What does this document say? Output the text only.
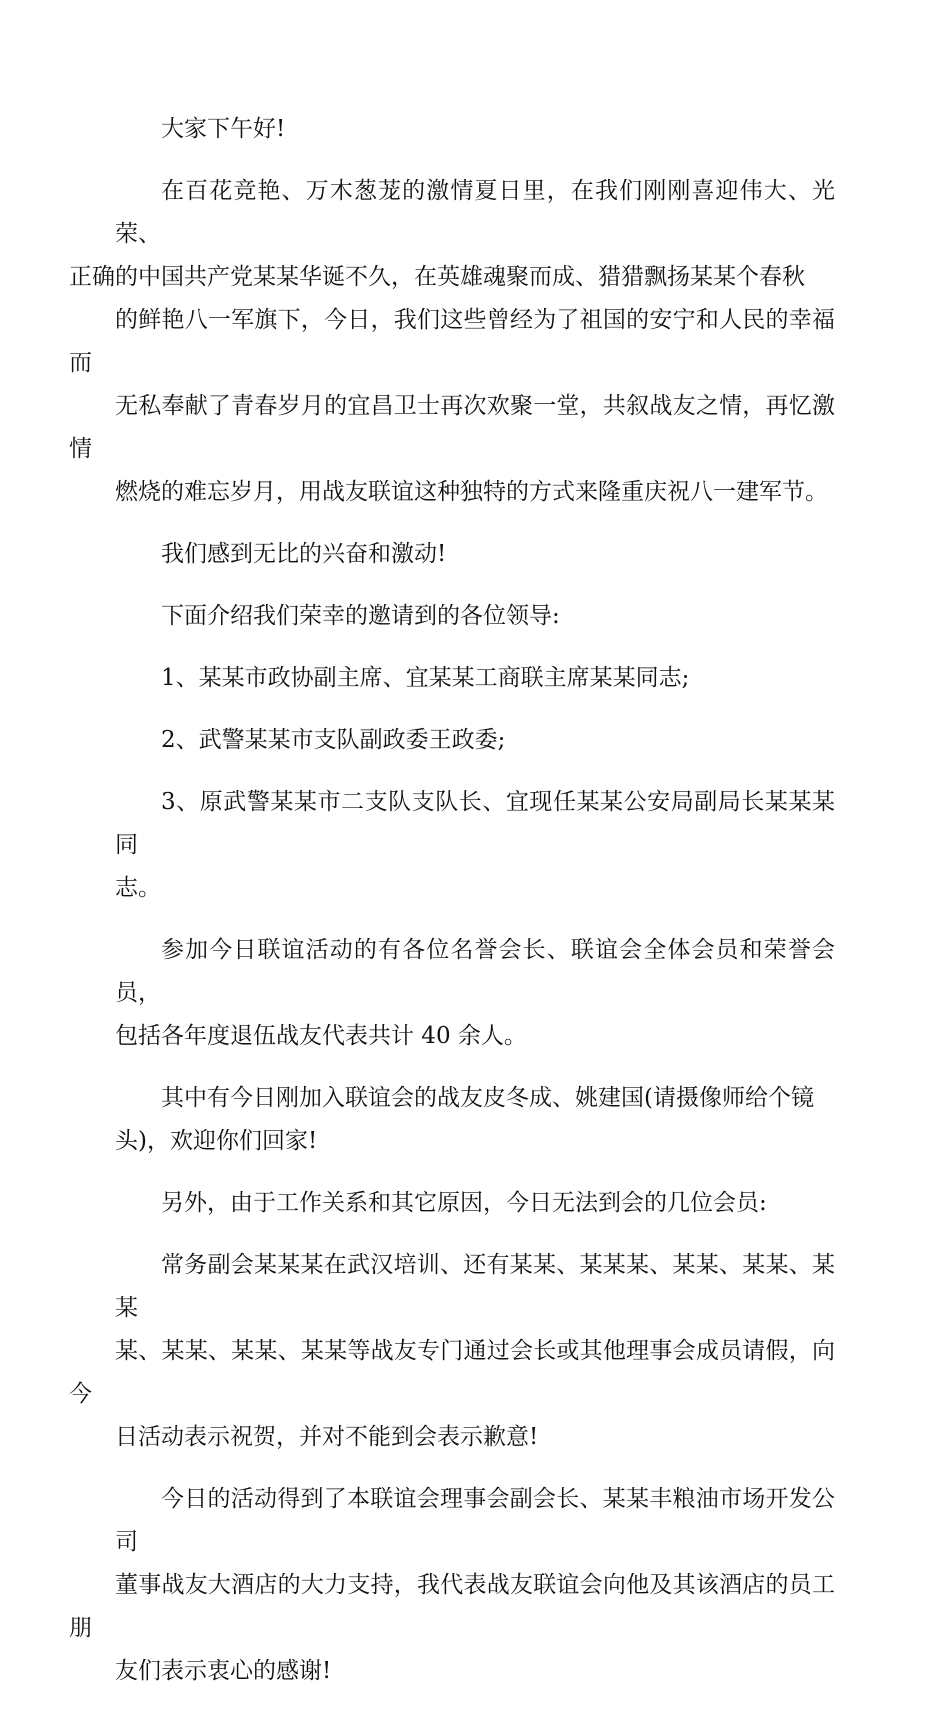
大家下午好!
在百花竞艳、万木葱茏的激情夏日里，在我们刚刚喜迎伟大、光荣、
正确的中国共产党某某华诞不久，在英雄魂聚而成、猎猎飘扬某某个春秋
的鲜艳八一军旗下，今日，我们这些曾经为了祖国的安宁和人民的幸福而
无私奉献了青春岁月的宜昌卫士再次欢聚一堂，共叙战友之情，再忆激情
燃烧的难忘岁月，用战友联谊这种独特的方式来隆重庆祝八一建军节。
我们感到无比的兴奋和激动!
下面介绍我们荣幸的邀请到的各位领导:
1、某某市政协副主席、宜某某工商联主席某某同志;
2、武警某某市支队副政委王政委;
3、原武警某某市二支队支队长、宜现任某某公安局副局长某某某同
志。
参加今日联谊活动的有各位名誉会长、联谊会全体会员和荣誉会员，
包括各年度退伍战友代表共计 40 余人。
其中有今日刚加入联谊会的战友皮冬成、姚建国(请摄像师给个镜
头)，欢迎你们回家!
另外，由于工作关系和其它原因，今日无法到会的几位会员:
常务副会某某某在武汉培训、还有某某、某某某、某某、某某、某某
某、某某、某某、某某等战友专门通过会长或其他理事会成员请假，向今
日活动表示祝贺，并对不能到会表示歉意!
今日的活动得到了本联谊会理事会副会长、某某丰粮油市场开发公司
董事战友大酒店的大力支持，我代表战友联谊会向他及其该酒店的员工朋
友们表示衷心的感谢!
